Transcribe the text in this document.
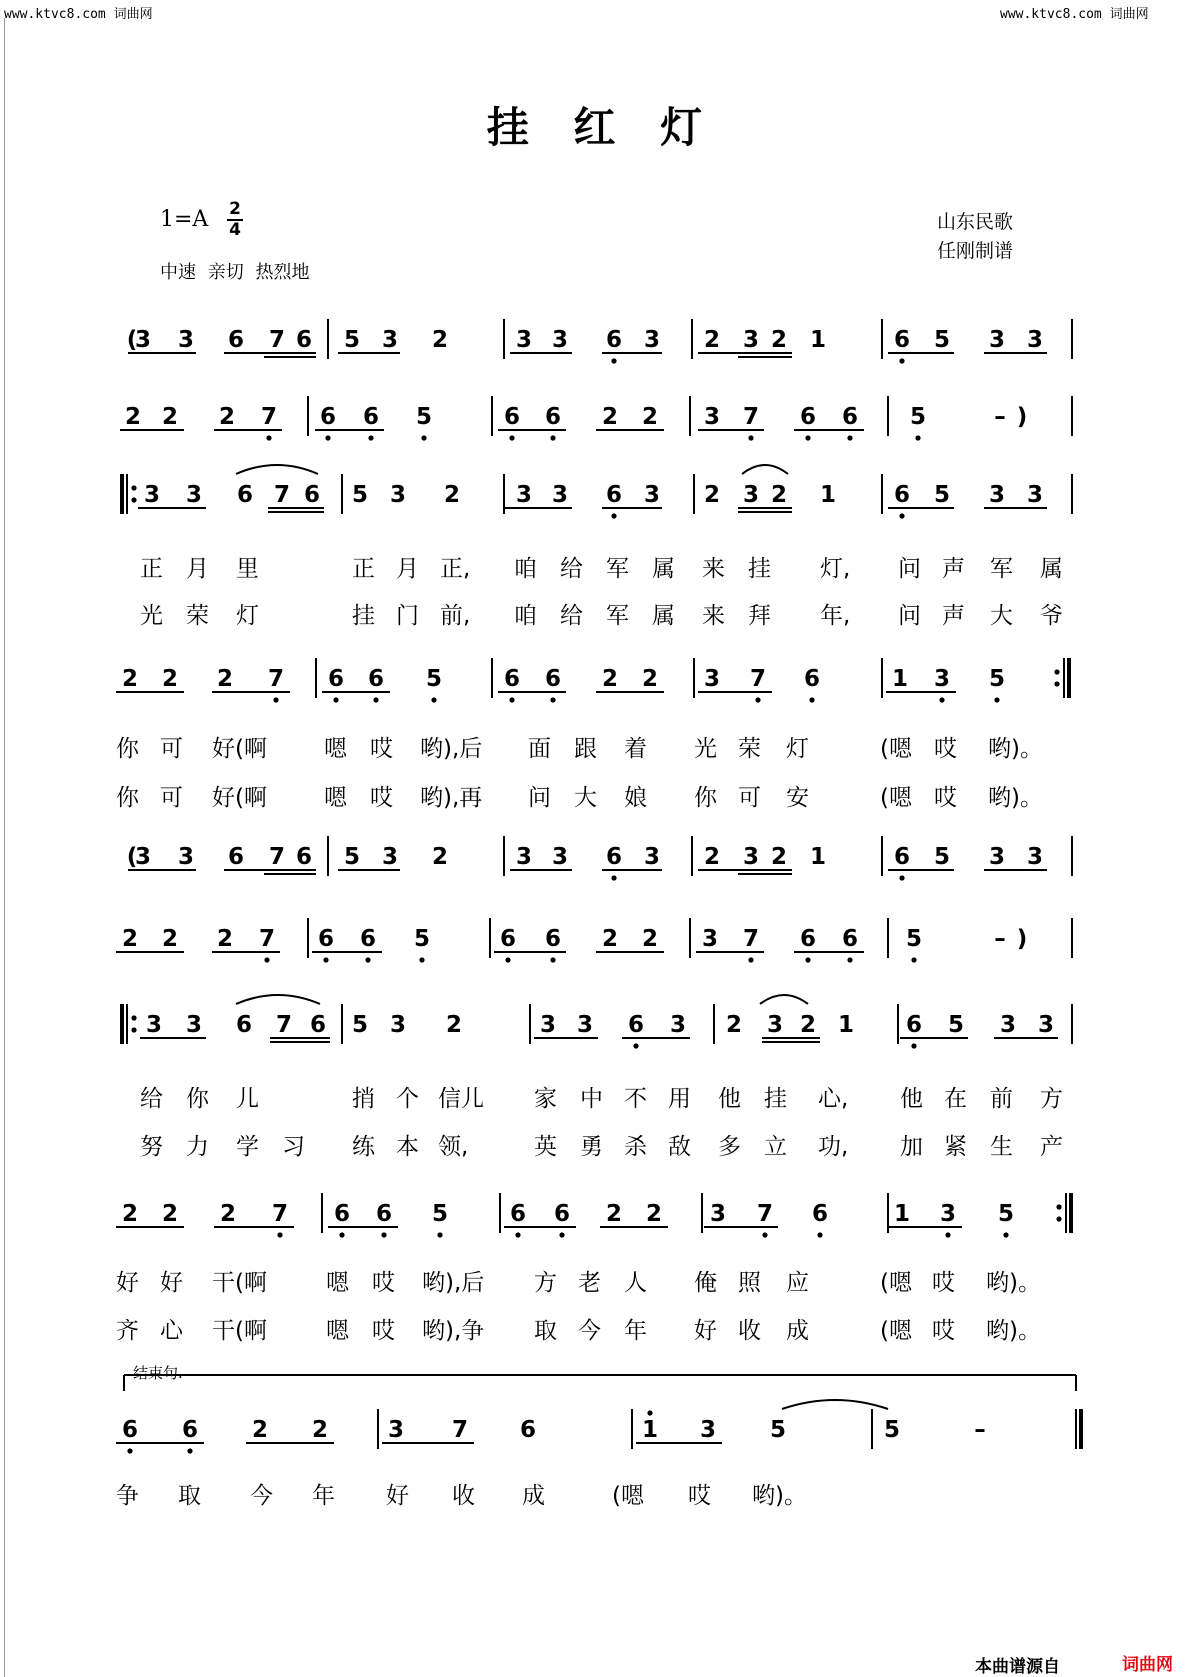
www.ktvc8.com 词曲网	www.ktvc8.com 词曲网
挂 红 灯
1=A 2
4
中速 亲切 热烈地
山东民歌
任刚制谱
3 3 6 7 6 5 3 2	3 3 6 3 2 3 2 1	6 5 3 3
(
2 2 2 7 6 6 5	6 6 2 2 3 7 6 6 5	– )
3 3 6 7 6 5 3 2 3 3 6 3 2 3 2 1	6 5 3 3
2 2 2 7 6 6 5	6 6 2 2 3 7 6	1 3 5
3 3 6 7 6 5 3 2	3 3 6 3 2 3 2 1	6 5 3 3
(
2 2 2 7 6 6 5	6 6 2 2 3 7 6 6 5	– )
3 3 6 7 6 5 3 2	3 3 6 3 2 3 2 1 6 5 3 3
2 2 2 7 6 6 5	6 6 2 2 3 7 6	1 3 5
6 6 2 2	3 7 6	1 3 5	5	–
正 月 里	正 月 正, 咱 给 军 属 来 挂 灯, 问 声 军 属
光 荣 灯	挂 门 前, 咱 给 军 属 来 拜 年, 问 声 大 爷
你 可 好(啊 嗯 哎 哟),后 面 跟 着 光 荣 灯	(嗯 哎 哟)。
你 可 好(啊 嗯 哎 哟),再 问 大 娘 你 可 安	(嗯 哎 哟)。
给 你 儿	捎 个 信儿 家 中 不 用 他 挂 心, 他 在 前 方
努 力 学 习 练 本 领,	英 勇 杀 敌 多 立 功, 加 紧 生 产
好 好 干(啊	嗯 哎 哟),后 方 老 人 俺 照 应	(嗯 哎 哟)。
齐 心 干(啊	嗯 哎 哟),争 取 今 年 好 收 成	(嗯 哎 哟)。
争 取 今 年 好 收 成	(嗯 哎 哟)。
结束句.
本曲谱源自	词曲网
